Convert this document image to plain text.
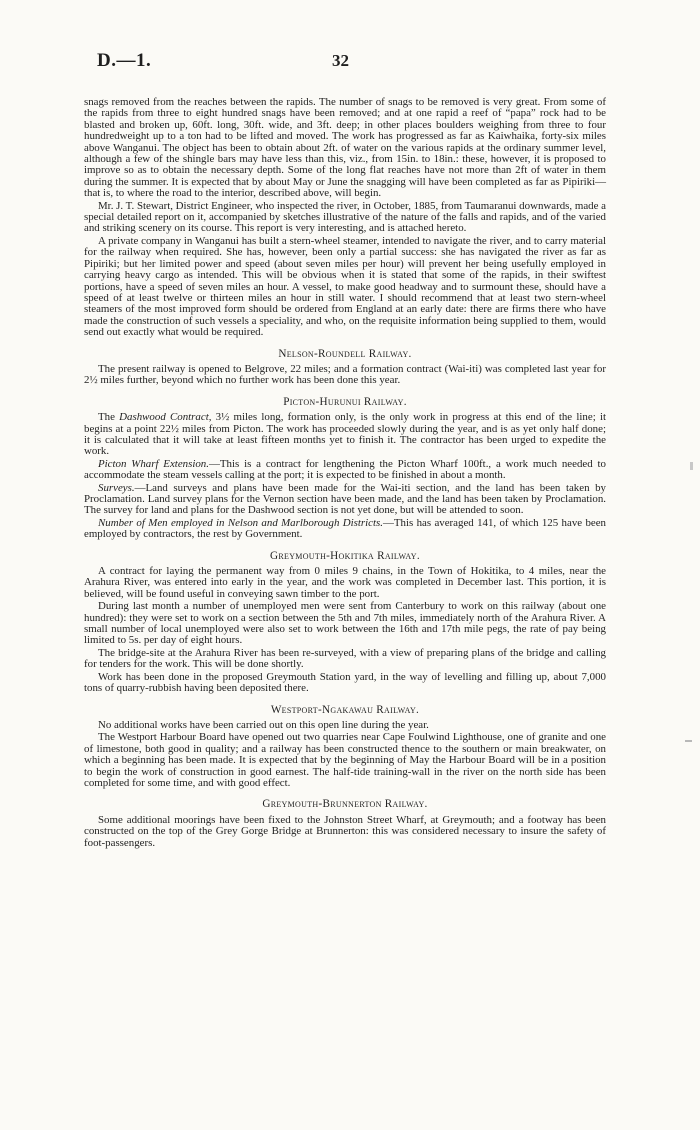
D.—1.	32

snags removed from the reaches between the rapids. The number of snags to be removed is very great. From some of the rapids from three to eight hundred snags have been removed; and at one rapid a reef of “papa” rock had to be blasted and broken up, 60ft. long, 30ft. wide, and 3ft. deep; in other places boulders weighing from three to four hundredweight up to a ton had to be lifted and moved. The work has progressed as far as Kaiwhaika, forty-six miles above Wanganui. The object has been to obtain about 2ft. of water on the various rapids at the ordinary summer level, although a few of the shingle bars may have less than this, viz., from 15in. to 18in.: these, however, it is proposed to improve so as to obtain the necessary depth. Some of the long flat reaches have not more than 2ft of water in them during the summer. It is expected that by about May or June the snagging will have been completed as far as Pipiriki—that is, to where the road to the interior, described above, will begin.

Mr. J. T. Stewart, District Engineer, who inspected the river, in October, 1885, from Taumaranui downwards, made a special detailed report on it, accompanied by sketches illustrative of the nature of the falls and rapids, and of the varied and striking scenery on its course. This report is very interesting, and is attached hereto.

A private company in Wanganui has built a stern-wheel steamer, intended to navigate the river, and to carry material for the railway when required. She has, however, been only a partial success: she has navigated the river as far as Pipiriki; but her limited power and speed (about seven miles per hour) will prevent her being usefully employed in carrying heavy cargo as intended. This will be obvious when it is stated that some of the rapids, in their swiftest portions, have a speed of seven miles an hour. A vessel, to make good headway and to surmount these, should have a speed of at least twelve or thirteen miles an hour in still water. I should recommend that at least two stern-wheel steamers of the most improved form should be ordered from England at an early date: there are firms there who have made the construction of such vessels a speciality, and who, on the requisite information being supplied to them, would send out exactly what would be required.

Nelson-Roundell Railway.

The present railway is opened to Belgrove, 22 miles; and a formation contract (Wai-iti) was completed last year for 2½ miles further, beyond which no further work has been done this year.

Picton-Hurunui Railway.

The Dashwood Contract, 3½ miles long, formation only, is the only work in progress at this end of the line; it begins at a point 22½ miles from Picton. The work has proceeded slowly during the year, and is as yet only half done; it is calculated that it will take at least fifteen months yet to finish it. The contractor has been urged to expedite the work.

Picton Wharf Extension.—This is a contract for lengthening the Picton Wharf 100ft., a work much needed to accommodate the steam vessels calling at the port; it is expected to be finished in about a month.

Surveys.—Land surveys and plans have been made for the Wai-iti section, and the land has been taken by Proclamation. Land survey plans for the Vernon section have been made, and the land has been taken by Proclamation. The survey for land and plans for the Dashwood section is not yet done, but will be attended to soon.

Number of Men employed in Nelson and Marlborough Districts.—This has averaged 141, of which 125 have been employed by contractors, the rest by Government.

Greymouth-Hokitika Railway.

A contract for laying the permanent way from 0 miles 9 chains, in the Town of Hokitika, to 4 miles, near the Arahura River, was entered into early in the year, and the work was completed in December last. This portion, it is believed, will be found useful in conveying sawn timber to the port.

During last month a number of unemployed men were sent from Canterbury to work on this railway (about one hundred): they were set to work on a section between the 5th and 7th miles, immediately north of the Arahura River. A small number of local unemployed were also set to work between the 16th and 17th mile pegs, the rate of pay being limited to 5s. per day of eight hours.

The bridge-site at the Arahura River has been re-surveyed, with a view of preparing plans of the bridge and calling for tenders for the work. This will be done shortly.

Work has been done in the proposed Greymouth Station yard, in the way of levelling and filling up, about 7,000 tons of quarry-rubbish having been deposited there.

Westport-Ngakawau Railway.

No additional works have been carried out on this open line during the year.

The Westport Harbour Board have opened out two quarries near Cape Foulwind Lighthouse, one of granite and one of limestone, both good in quality; and a railway has been constructed thence to the southern or main breakwater, on which a beginning has been made. It is expected that by the beginning of May the Harbour Board will be in a position to begin the work of construction in good earnest. The half-tide training-wall in the river on the north side has been completed for some time, and with good effect.

Greymouth-Brunnerton Railway.

Some additional moorings have been fixed to the Johnston Street Wharf, at Greymouth; and a footway has been constructed on the top of the Grey Gorge Bridge at Brunnerton: this was considered necessary to insure the safety of foot-passengers.
